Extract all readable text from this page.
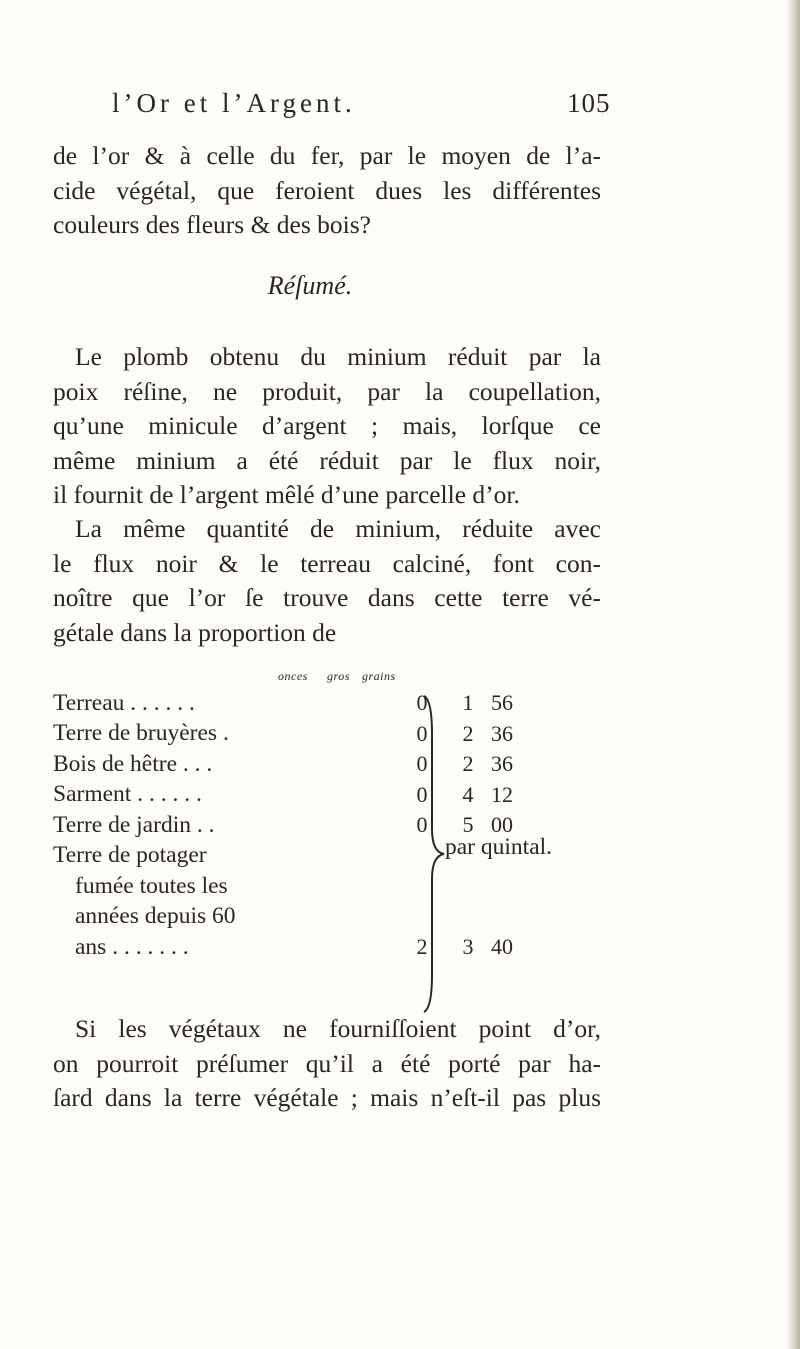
l’Or et l’Argent.	105
de l’or & à celle du fer, par le moyen de l’a-
cide végétal, que feroient dues les différentes
couleurs des fleurs & des bois?
Réſumé.
Le plomb obtenu du minium réduit par la
poix réſine, ne produit, par la coupellation,
qu’une minicule d’argent ; mais, lorſque ce
même minium a été réduit par le flux noir,
il fournit de l’argent mêlé d’une parcelle d’or.
La même quantité de minium, réduite avec
le flux noir & le terreau calciné, font con-
noître que l’or ſe trouve dans cette terre vé-
gétale dans la proportion de
onces gros grains
Terreau . . . . . .	0	1	56
Terre de bruyères .	0	2	36
Bois de hêtre . . .	0	2	36
Sarment . . . . . .	0	4	12
Terre de jardin . .	0	5	00
Terre de potager			
fumée toutes les			
années depuis 60			
ans . . . . . . .	2	3	40
par quintal.
Si les végétaux ne fourniſſoient point d’or,
on pourroit préſumer qu’il a été porté par ha-
ſard dans la terre végétale ; mais n’eſt-il pas plus
